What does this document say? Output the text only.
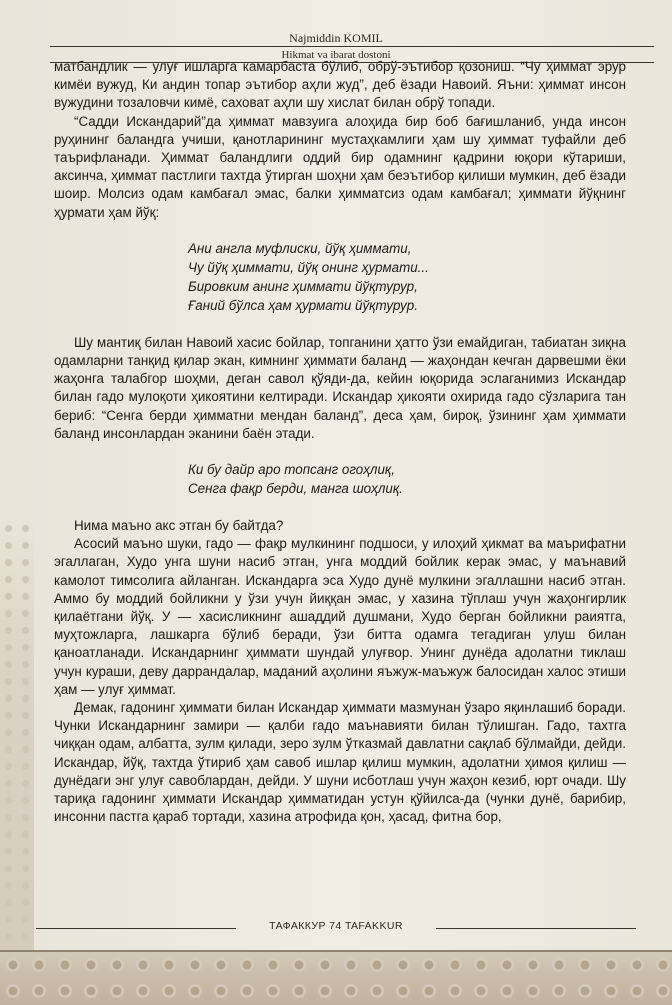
Najmiddin KOMIL
Hikmat va ibarat dostoni

матбандлик — улуғ ишларга камарбаста бўлиб, обрў-эътибор қозониш. “Чу ҳиммат эрур кимёи вужуд, Ки андин топар эътибор аҳли жуд”, деб ёзади Навоий. Яъни: ҳиммат инсон вужудини тозаловчи кимё, саховат аҳли шу хислат билан обрў топади.

“Садди Искандарий”да ҳиммат мавзуига алоҳида бир боб бағишланиб, унда инсон руҳининг баландга учиши, қанотларининг мустаҳкамлиги ҳам шу ҳиммат туфайли деб таърифланади. Ҳиммат баландлиги оддий бир одамнинг қадрини юқори кўтариши, аксинча, ҳиммат пастлиги тахтда ўтирган шоҳни ҳам беэътибор қилиши мумкин, деб ёзади шоир. Молсиз одам камбағал эмас, балки ҳимматсиз одам камбағал; ҳиммати йўқнинг ҳурмати ҳам йўқ:

Ани англа муфлиски, йўқ ҳиммати,
Чу йўқ ҳиммати, йўқ онинг ҳурмати...
Бировким анинг ҳиммати йўқтурур,
Ғаний бўлса ҳам ҳурмати йўқтурур.

Шу мантиқ билан Навоий хасис бойлар, топганини ҳатто ўзи емайдиган, табиатан зиқна одамларни танқид қилар экан, кимнинг ҳиммати баланд — жаҳондан кечган дарвешми ёки жаҳонга талабгор шоҳми, деган савол қўяди-да, кейин юқорида эслаганимиз Искандар билан гадо мулоқоти ҳикоятини келтиради. Искандар ҳикояти охирида гадо сўзларига тан бериб: “Сенга берди ҳимматни мендан баланд”, деса ҳам, бироқ, ўзининг ҳам ҳиммати баланд инсонлардан эканини баён этади.

Ки бу дайр аро топсанг огоҳлиқ,
Сенга фақр берди, манга шоҳлиқ.

Нима маъно акс этган бу байтда?

Асосий маъно шуки, гадо — фақр мулкининг подшоси, у илоҳий ҳикмат ва маърифатни эгаллаган, Худо унга шуни насиб этган, унга моддий бойлик керак эмас, у маънавий камолот тимсолига айланган. Искандарга эса Худо дунё мулкини эгаллашни насиб этган. Аммо бу моддий бойликни у ўзи учун йиққан эмас, у хазина тўплаш учун жаҳонгирлик қилаётгани йўқ. У — хасисликнинг ашаддий душмани, Худо берган бойликни раиятга, муҳтожларга, лашкарга бўлиб беради, ўзи битта одамга тегадиган улуш билан қаноатланади. Искандарнинг ҳиммати шундай улуғвор. Унинг дунёда адолатни тиклаш учун кураши, деву даррандалар, маданий аҳолини яъжуж-маъжуж балосидан халос этиши ҳам — улуғ ҳиммат.

Демак, гадонинг ҳиммати билан Искандар ҳиммати мазмунан ўзаро яқинлашиб боради. Чунки Искандарнинг замири — қалби гадо маънавияти билан тўлишган. Гадо, тахтга чиққан одам, албатта, зулм қилади, зеро зулм ўтказмай давлатни сақлаб бўлмайди, дейди. Искандар, йўқ, тахтда ўтириб ҳам савоб ишлар қилиш мумкин, адолатни ҳимоя қилиш — дунёдаги энг улуғ савоблардан, дейди. У шуни исботлаш учун жаҳон кезиб, юрт очади. Шу тариқа гадонинг ҳиммати Искандар ҳимматидан устун қўйилса-да (чунки дунё, барибир, инсонни пастга қараб тортади, хазина атрофида қон, ҳасад, фитна бор,

ТАФАККУР 74 TAFAKKUR
